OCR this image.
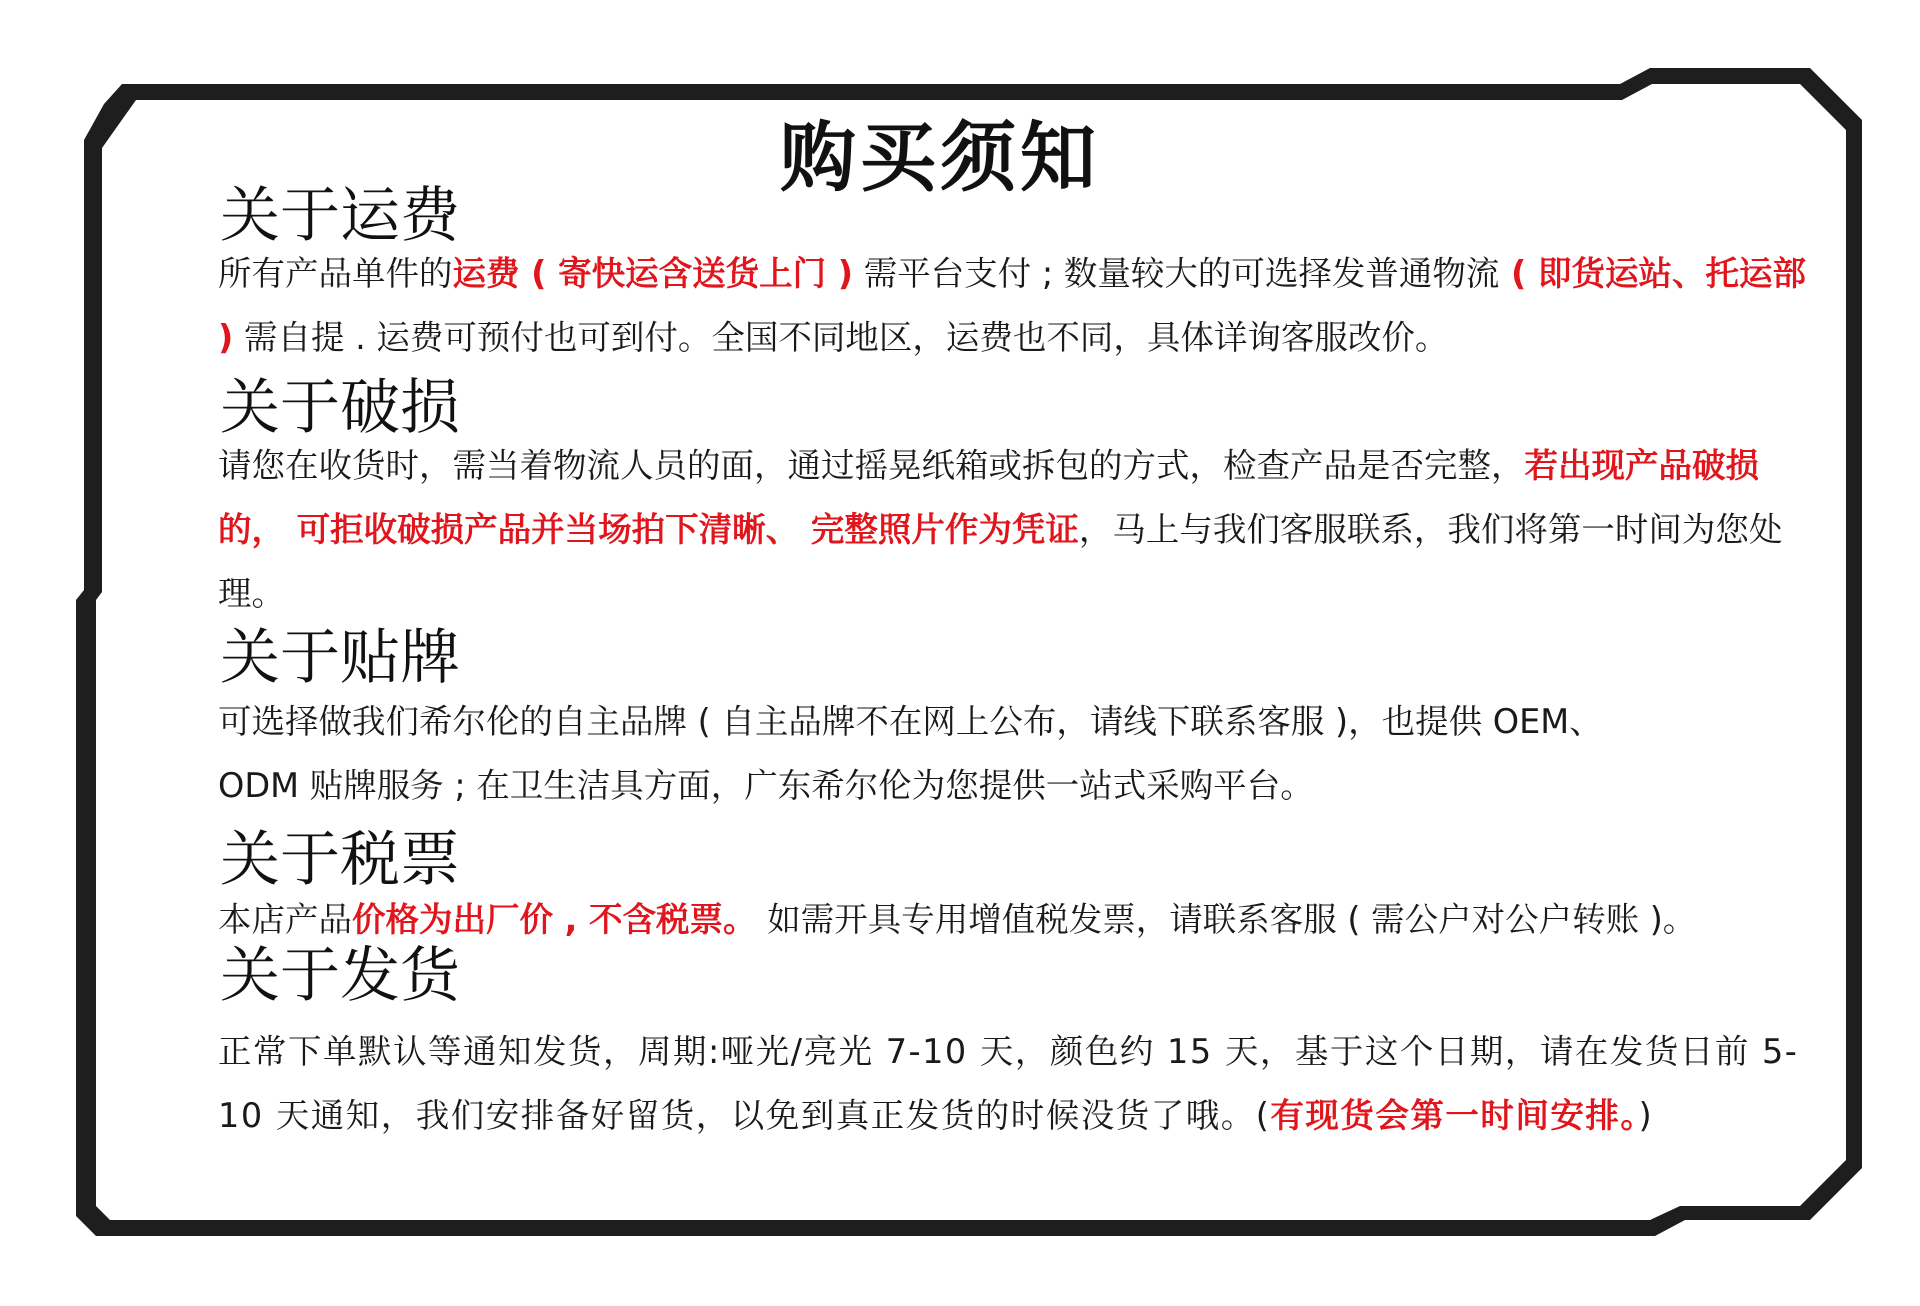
购买须知
关于运费
所有产品单件的运费 ( 寄快运含送货上门 ) 需平台支付 ; 数量较大的可选择发普通物流 ( 即货运站、托运部 ) 需自提 . 运费可预付也可到付。全国不同地区，运费也不同，具体详询客服改价。
关于破损
请您在收货时，需当着物流人员的面，通过摇晃纸箱或拆包的方式，检查产品是否完整，若出现产品破损的， 可拒收破损产品并当场拍下清晰、 完整照片作为凭证，马上与我们客服联系，我们将第一时间为您处理。
关于贴牌
可选择做我们希尔伦的自主品牌 ( 自主品牌不在网上公布，请线下联系客服 )，也提供 OEM、
ODM 贴牌服务 ; 在卫生洁具方面，广东希尔伦为您提供一站式采购平台。
关于税票
本店产品价格为出厂价 , 不含税票。 如需开具专用增值税发票，请联系客服 ( 需公户对公户转账 )。
关于发货
正常下单默认等通知发货，周期:哑光/亮光 7-10 天，颜色约 15 天，基于这个日期，请在发货日前 5-10 天通知，我们安排备好留货，以免到真正发货的时候没货了哦。(有现货会第一时间安排。)
